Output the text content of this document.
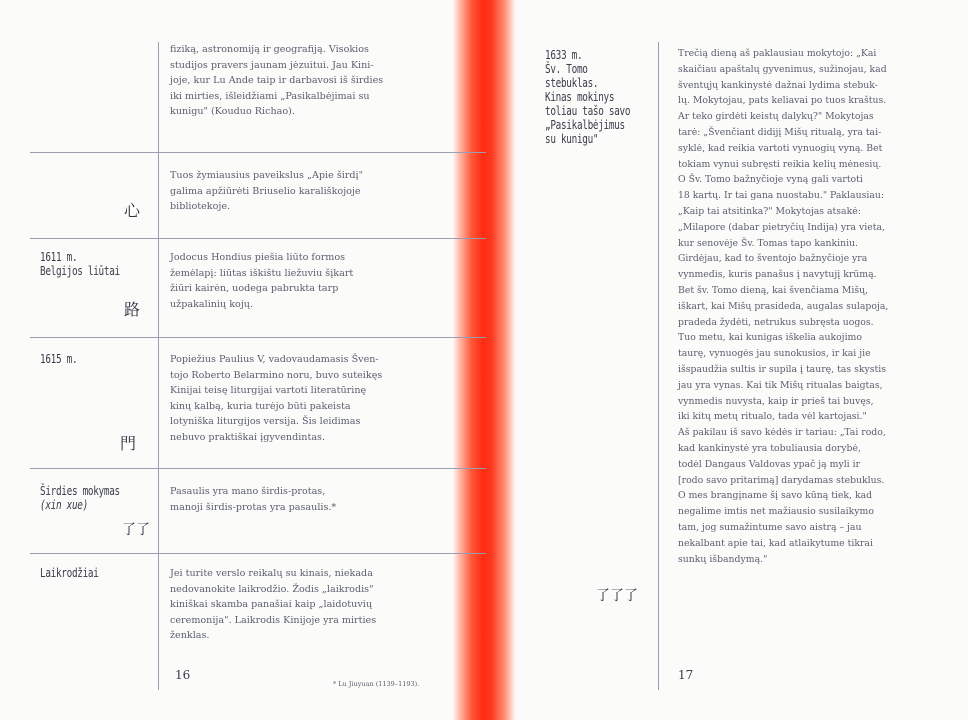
fiziką, astronomiją ir geografiją. Visokios
studijos pravers jaunam jėzuitui. Jau Kini-
joje, kur Lu Ande taip ir darbavosi iš širdies
iki mirties, išleidžiami „Pasikalbėjimai su
kunigu" (Kouduo Richao).
Tuos žymiausius paveikslus „Apie širdį"
galima apžiūrėti Briuselio karališkojoje
bibliotekoje.
心
1611 m.
Belgijos liūtai
Jodocus Hondius piešia liūto formos
žemėlapį: liūtas iškištu liežuviu šįkart
žiūri kairėn, uodega pabrukta tarp
užpakalinių kojų.
路
1615 m.	Popiežius Paulius V, vadovaudamasis Šven-
tojo Roberto Belarmino noru, buvo suteikęs
Kinijai teisę liturgijai vartoti literatūrinę
kinų kalbą, kuria turėjo būti pakeista
lotyniška liturgijos versija. Šis leidimas
nebuvo praktiškai įgyvendintas.
門
Širdies mokymas
(xin xue)
Pasaulis yra mano širdis-protas,
manoji širdis-protas yra pasaulis.*
了了
Laikrodžiai	Jei turite verslo reikalų su kinais, niekada
nedovanokite laikrodžio. Žodis „laikrodis"
kiniškai skamba panašiai kaip „laidotuvių
ceremonija". Laikrodis Kinijoje yra mirties
ženklas.
16
* Lu Jiuyuan (1139–1193).
1633 m.
Šv. Tomo
stebuklas.
Kinas mokinys
toliau tašo savo
„Pasikalbėjimus
su kunigu"
了了了
Trečią dieną aš paklausiau mokytojo: „Kai
skaičiau apaštalų gyvenimus, sužinojau, kad
šventųjų kankinystė dažnai lydima stebuk-
lų. Mokytojau, pats keliavai po tuos kraštus.
Ar teko girdėti keistų dalykų?" Mokytojas
tarė: „Švenčiant didijį Mišų ritualą, yra tai-
syklė, kad reikia vartoti vynuogių vyną. Bet
tokiam vynui subręsti reikia kelių mėnesių.
O Šv. Tomo bažnyčioje vyną gali vartoti
18 kartų. Ir tai gana nuostabu." Paklausiau:
„Kaip tai atsitinka?" Mokytojas atsakė:
„Milapore (dabar pietryčių Indija) yra vieta,
kur senovėje Šv. Tomas tapo kankiniu.
Girdėjau, kad to šventojo bažnyčioje yra
vynmedis, kuris panašus į navytujį krūmą.
Bet šv. Tomo dieną, kai švenčiama Mišų,
iškart, kai Mišų prasideda, augalas sulapoja,
pradeda žydėti, netrukus subręsta uogos.
Tuo metu, kai kunigas iškelia aukojimo
taurę, vynuogės jau sunokusios, ir kai jie
išspaudžia sultis ir supila į taurę, tas skystis
jau yra vynas. Kai tik Mišų ritualas baigtas,
vynmedis nuvysta, kaip ir prieš tai buvęs,
iki kitų metų ritualo, tada vėl kartojasi."
Aš pakilau iš savo kėdės ir tariau: „Tai rodo,
kad kankinystė yra tobuliausia dorybė,
todėl Dangaus Valdovas ypač ją myli ir
[rodo savo pritarimą] darydamas stebuklus.
O mes brangįname šį savo kūną tiek, kad
negalime imtis net mažiausio susilaikymo
tam, jog sumažintume savo aistrą – jau
nekalbant apie tai, kad atlaikytume tikrai
sunkų išbandymą."
17
